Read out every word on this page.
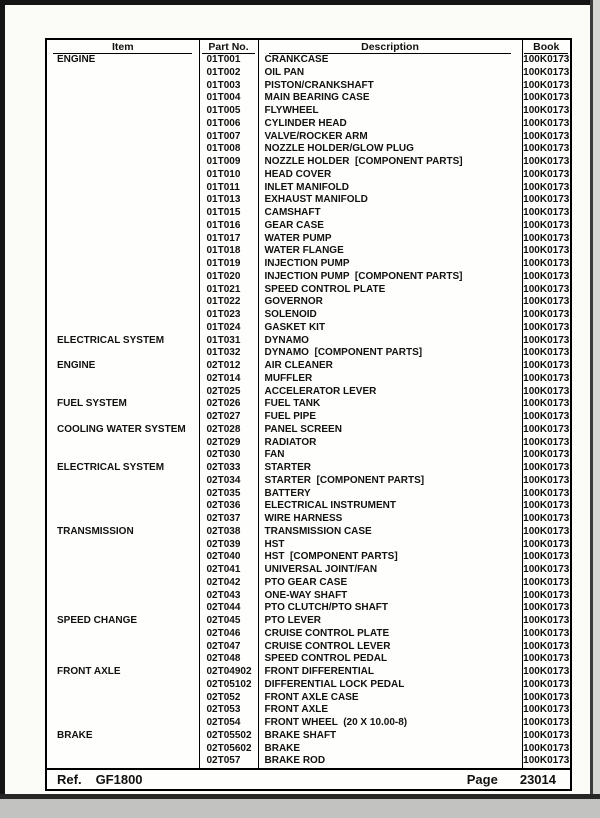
Item	Part No.	Description	Book
ENGINE	01T001	CRANKCASE	100K0173
	01T002	OIL PAN	100K0173
	01T003	PISTON/CRANKSHAFT	100K0173
	01T004	MAIN BEARING CASE	100K0173
	01T005	FLYWHEEL	100K0173
	01T006	CYLINDER HEAD	100K0173
	01T007	VALVE/ROCKER ARM	100K0173
	01T008	NOZZLE HOLDER/GLOW PLUG	100K0173
	01T009	NOZZLE HOLDER  [COMPONENT PARTS]	100K0173
	01T010	HEAD COVER	100K0173
	01T011	INLET MANIFOLD	100K0173
	01T013	EXHAUST MANIFOLD	100K0173
	01T015	CAMSHAFT	100K0173
	01T016	GEAR CASE	100K0173
	01T017	WATER PUMP	100K0173
	01T018	WATER FLANGE	100K0173
	01T019	INJECTION PUMP	100K0173
	01T020	INJECTION PUMP  [COMPONENT PARTS]	100K0173
	01T021	SPEED CONTROL PLATE	100K0173
	01T022	GOVERNOR	100K0173
	01T023	SOLENOID	100K0173
	01T024	GASKET KIT	100K0173
ELECTRICAL SYSTEM	01T031	DYNAMO	100K0173
	01T032	DYNAMO  [COMPONENT PARTS]	100K0173
ENGINE	02T012	AIR CLEANER	100K0173
	02T014	MUFFLER	100K0173
	02T025	ACCELERATOR LEVER	100K0173
FUEL SYSTEM	02T026	FUEL TANK	100K0173
	02T027	FUEL PIPE	100K0173
COOLING WATER SYSTEM	02T028	PANEL SCREEN	100K0173
	02T029	RADIATOR	100K0173
	02T030	FAN	100K0173
ELECTRICAL SYSTEM	02T033	STARTER	100K0173
	02T034	STARTER  [COMPONENT PARTS]	100K0173
	02T035	BATTERY	100K0173
	02T036	ELECTRICAL INSTRUMENT	100K0173
	02T037	WIRE HARNESS	100K0173
TRANSMISSION	02T038	TRANSMISSION CASE	100K0173
	02T039	HST	100K0173
	02T040	HST  [COMPONENT PARTS]	100K0173
	02T041	UNIVERSAL JOINT/FAN	100K0173
	02T042	PTO GEAR CASE	100K0173
	02T043	ONE-WAY SHAFT	100K0173
	02T044	PTO CLUTCH/PTO SHAFT	100K0173
SPEED CHANGE	02T045	PTO LEVER	100K0173
	02T046	CRUISE CONTROL PLATE	100K0173
	02T047	CRUISE CONTROL LEVER	100K0173
	02T048	SPEED CONTROL PEDAL	100K0173
FRONT AXLE	02T04902	FRONT DIFFERENTIAL	100K0173
	02T05102	DIFFERENTIAL LOCK PEDAL	100K0173
	02T052	FRONT AXLE CASE	100K0173
	02T053	FRONT AXLE	100K0173
	02T054	FRONT WHEEL  (20 X 10.00-8)	100K0173
BRAKE	02T05502	BRAKE SHAFT	100K0173
	02T05602	BRAKE	100K0173
	02T057	BRAKE ROD	100K0173
Ref. GF1800	Page 23014
